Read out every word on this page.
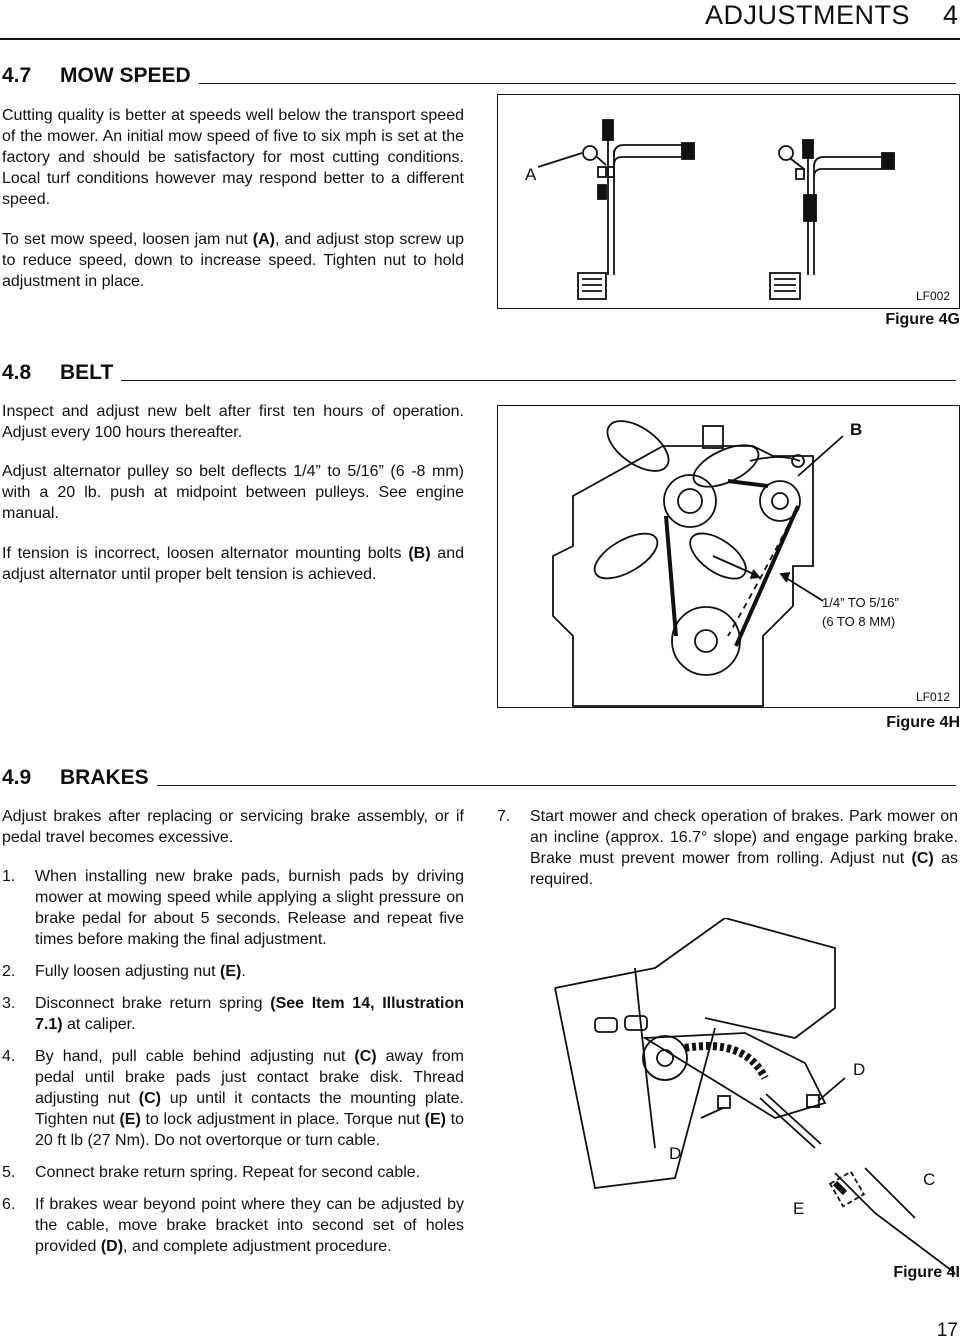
ADJUSTMENTS 4
4.7	MOW SPEED
Cutting quality is better at speeds well below the transport speed of the mower. An initial mow speed of five to six mph is set at the factory and should be satisfactory for most cutting conditions. Local turf conditions however may respond better to a different speed.
To set mow speed, loosen jam nut (A), and adjust stop screw up to reduce speed, down to increase speed. Tighten nut to hold adjustment in place.
A
LF002
Figure 4G
4.8	BELT
Inspect and adjust new belt after first ten hours of operation. Adjust every 100 hours thereafter.
Adjust alternator pulley so belt deflects 1/4” to 5/16” (6 -8 mm) with a 20 lb. push at midpoint between pulleys. See engine manual.
If tension is incorrect, loosen alternator mounting bolts (B) and adjust alternator until proper belt tension is achieved.
B
1/4” TO 5/16”
(6 TO 8 MM)
LF012
Figure 4H
4.9	BRAKES
Adjust brakes after replacing or servicing brake assembly, or if pedal travel becomes excessive.
1.	When installing new brake pads, burnish pads by driving mower at mowing speed while applying a slight pressure on brake pedal for about 5 seconds. Release and repeat five times before making the final adjustment.
2.	Fully loosen adjusting nut (E).
3.	Disconnect brake return spring (See Item 14, Illustration 7.1) at caliper.
4.	By hand, pull cable behind adjusting nut (C) away from pedal until brake pads just contact brake disk. Thread adjusting nut (C) up until it contacts the mounting plate. Tighten nut (E) to lock adjustment in place. Torque nut (E) to 20 ft lb (27 Nm). Do not overtorque or turn cable.
5.	Connect brake return spring. Repeat for second cable.
6.	If brakes wear beyond point where they can be adjusted by the cable, move brake bracket into second set of holes provided (D), and complete adjustment procedure.
7.	Start mower and check operation of brakes. Park mower on an incline (approx. 16.7° slope) and engage parking brake. Brake must prevent mower from rolling. Adjust nut (C) as required.
D
D
E
C
Figure 4I
17
